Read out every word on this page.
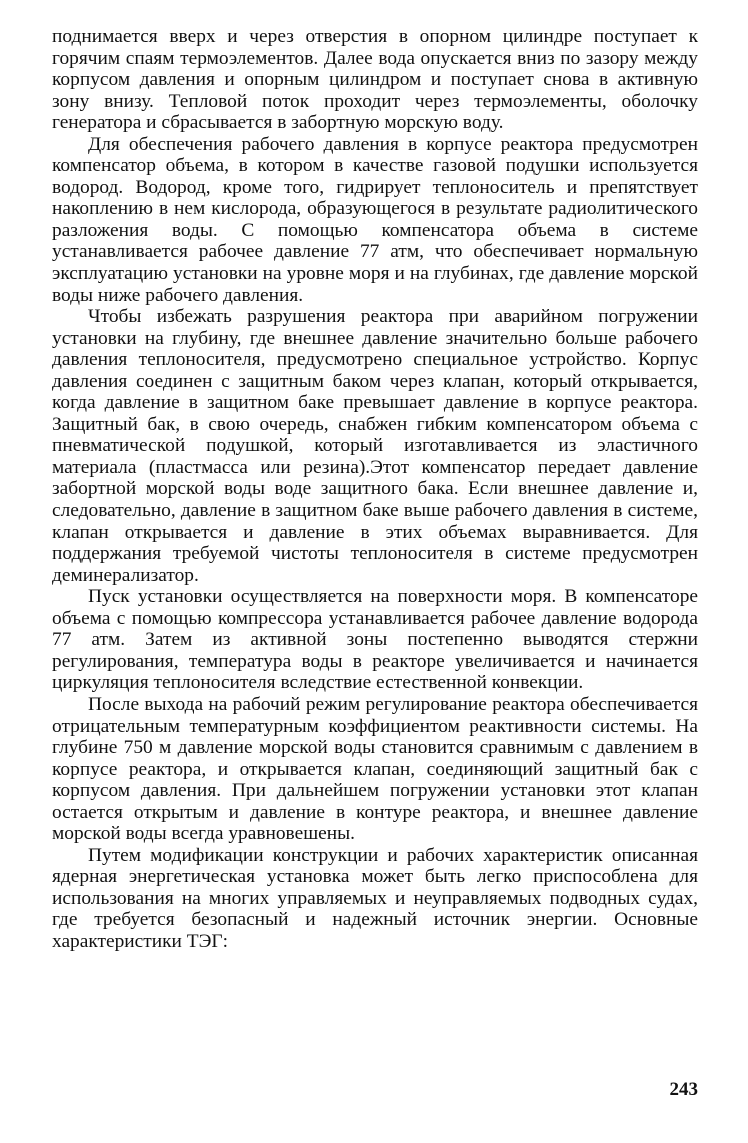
поднимается вверх и через отверстия в опорном цилиндре поступает к горячим спаям термоэлементов. Далее вода опускается вниз по зазору между корпусом давления и опорным цилиндром и поступает снова в активную зону внизу. Тепловой поток проходит через термоэлементы, оболочку генератора и сбрасывается в забортную морскую воду.

Для обеспечения рабочего давления в корпусе реактора предусмотрен компенсатор объема, в котором в качестве газовой подушки используется водород. Водород, кроме того, гидрирует теплоноситель и препятствует накоплению в нем кислорода, образующегося в результате радиолитического разложения воды. С помощью компенсатора объема в системе устанавливается рабочее давление 77 атм, что обеспечивает нормальную эксплуатацию установки на уровне моря и на глубинах, где давление морской воды ниже рабочего давления.

Чтобы избежать разрушения реактора при аварийном погружении установки на глубину, где внешнее давление значительно больше рабочего давления теплоносителя, предусмотрено специальное устройство. Корпус давления соединен с защитным баком через клапан, который открывается, когда давление в защитном баке превышает давление в корпусе реактора. Защитный бак, в свою очередь, снабжен гибким компенсатором объема с пневматической подушкой, который изготавливается из эластичного материала (пластмасса или резина).Этот компенсатор передает давление забортной морской воды воде защитного бака. Если внешнее давление и, следовательно, давление в защитном баке выше рабочего давления в системе, клапан открывается и давление в этих объемах выравнивается. Для поддержания требуемой чистоты теплоносителя в системе предусмотрен деминерализатор.

Пуск установки осуществляется на поверхности моря. В компенсаторе объема с помощью компрессора устанавливается рабочее давление водорода 77 атм. Затем из активной зоны постепенно выводятся стержни регулирования, температура воды в реакторе увеличивается и начинается циркуляция теплоносителя вследствие естественной конвекции.

После выхода на рабочий режим регулирование реактора обеспечивается отрицательным температурным коэффициентом реактивности системы. На глубине 750 м давление морской воды становится сравнимым с давлением в корпусе реактора, и открывается клапан, соединяющий защитный бак с корпусом давления. При дальнейшем погружении установки этот клапан остается открытым и давление в контуре реактора, и внешнее давление морской воды всегда уравновешены.

Путем модификации конструкции и рабочих характеристик описанная ядерная энергетическая установка может быть легко приспособлена для использования на многих управляемых и неуправляемых подводных судах, где требуется безопасный и надежный источник энергии. Основные характеристики ТЭГ:

243
